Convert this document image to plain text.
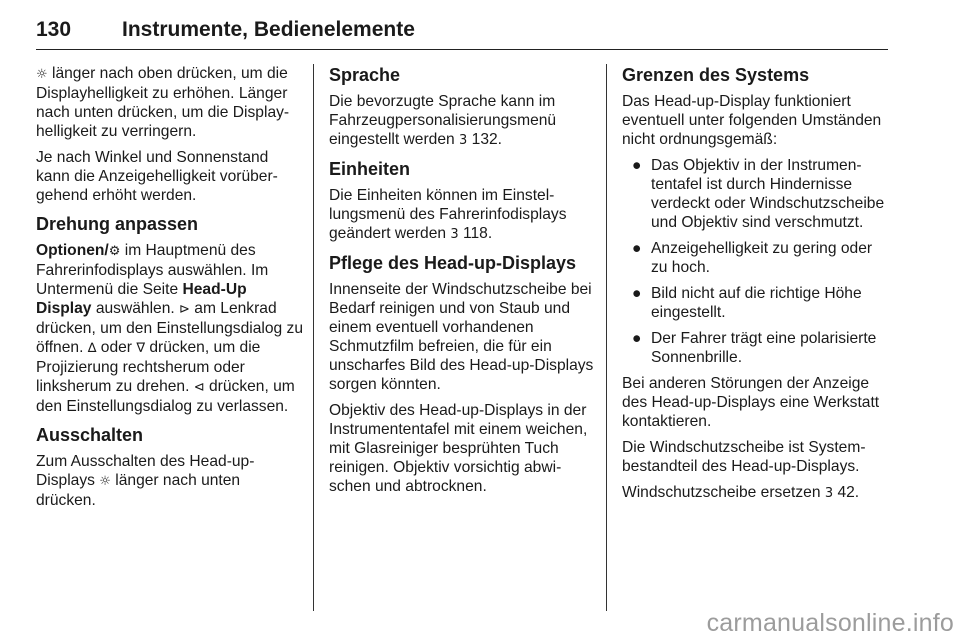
130 Instrumente, Bedienelemente

☼ länger nach oben drücken, um die Displayhelligkeit zu erhöhen. Länger nach unten drücken, um die Displayhelligkeit zu verringern.

Je nach Winkel und Sonnenstand kann die Anzeigehelligkeit vorübergehend erhöht werden.

Drehung anpassen

Optionen/⚙ im Hauptmenü des Fahrerinfodisplays auswählen. Im Untermenü die Seite Head-Up Display auswählen. ⊳ am Lenkrad drücken, um den Einstellungsdialog zu öffnen. ∆ oder ∇ drücken, um die Projizierung rechtsherum oder linksherum zu drehen. ⊲ drücken, um den Einstellungsdialog zu verlassen.

Ausschalten

Zum Ausschalten des Head-up-Displays ☼ länger nach unten drücken.

Sprache

Die bevorzugte Sprache kann im Fahrzeugpersonalisierungsmenü eingestellt werden 3 132.

Einheiten

Die Einheiten können im Einstellungsmenü des Fahrerinfodisplays geändert werden 3 118.

Pflege des Head-up-Displays

Innenseite der Windschutzscheibe bei Bedarf reinigen und von Staub und einem eventuell vorhandenen Schmutzfilm befreien, die für ein unscharfes Bild des Head-up-Displays sorgen könnten.

Objektiv des Head-up-Displays in der Instrumententafel mit einem weichen, mit Glasreiniger besprühten Tuch reinigen. Objektiv vorsichtig abwischen und abtrocknen.

Grenzen des Systems

Das Head-up-Display funktioniert eventuell unter folgenden Umständen nicht ordnungsgemäß:

● Das Objektiv in der Instrumententafel ist durch Hindernisse verdeckt oder Windschutzscheibe und Objektiv sind verschmutzt.
● Anzeigehelligkeit zu gering oder zu hoch.
● Bild nicht auf die richtige Höhe eingestellt.
● Der Fahrer trägt eine polarisierte Sonnenbrille.

Bei anderen Störungen der Anzeige des Head-up-Displays eine Werkstatt kontaktieren.

Die Windschutzscheibe ist Systembestandteil des Head-up-Displays.

Windschutzscheibe ersetzen 3 42.

carmanualsonline.info
